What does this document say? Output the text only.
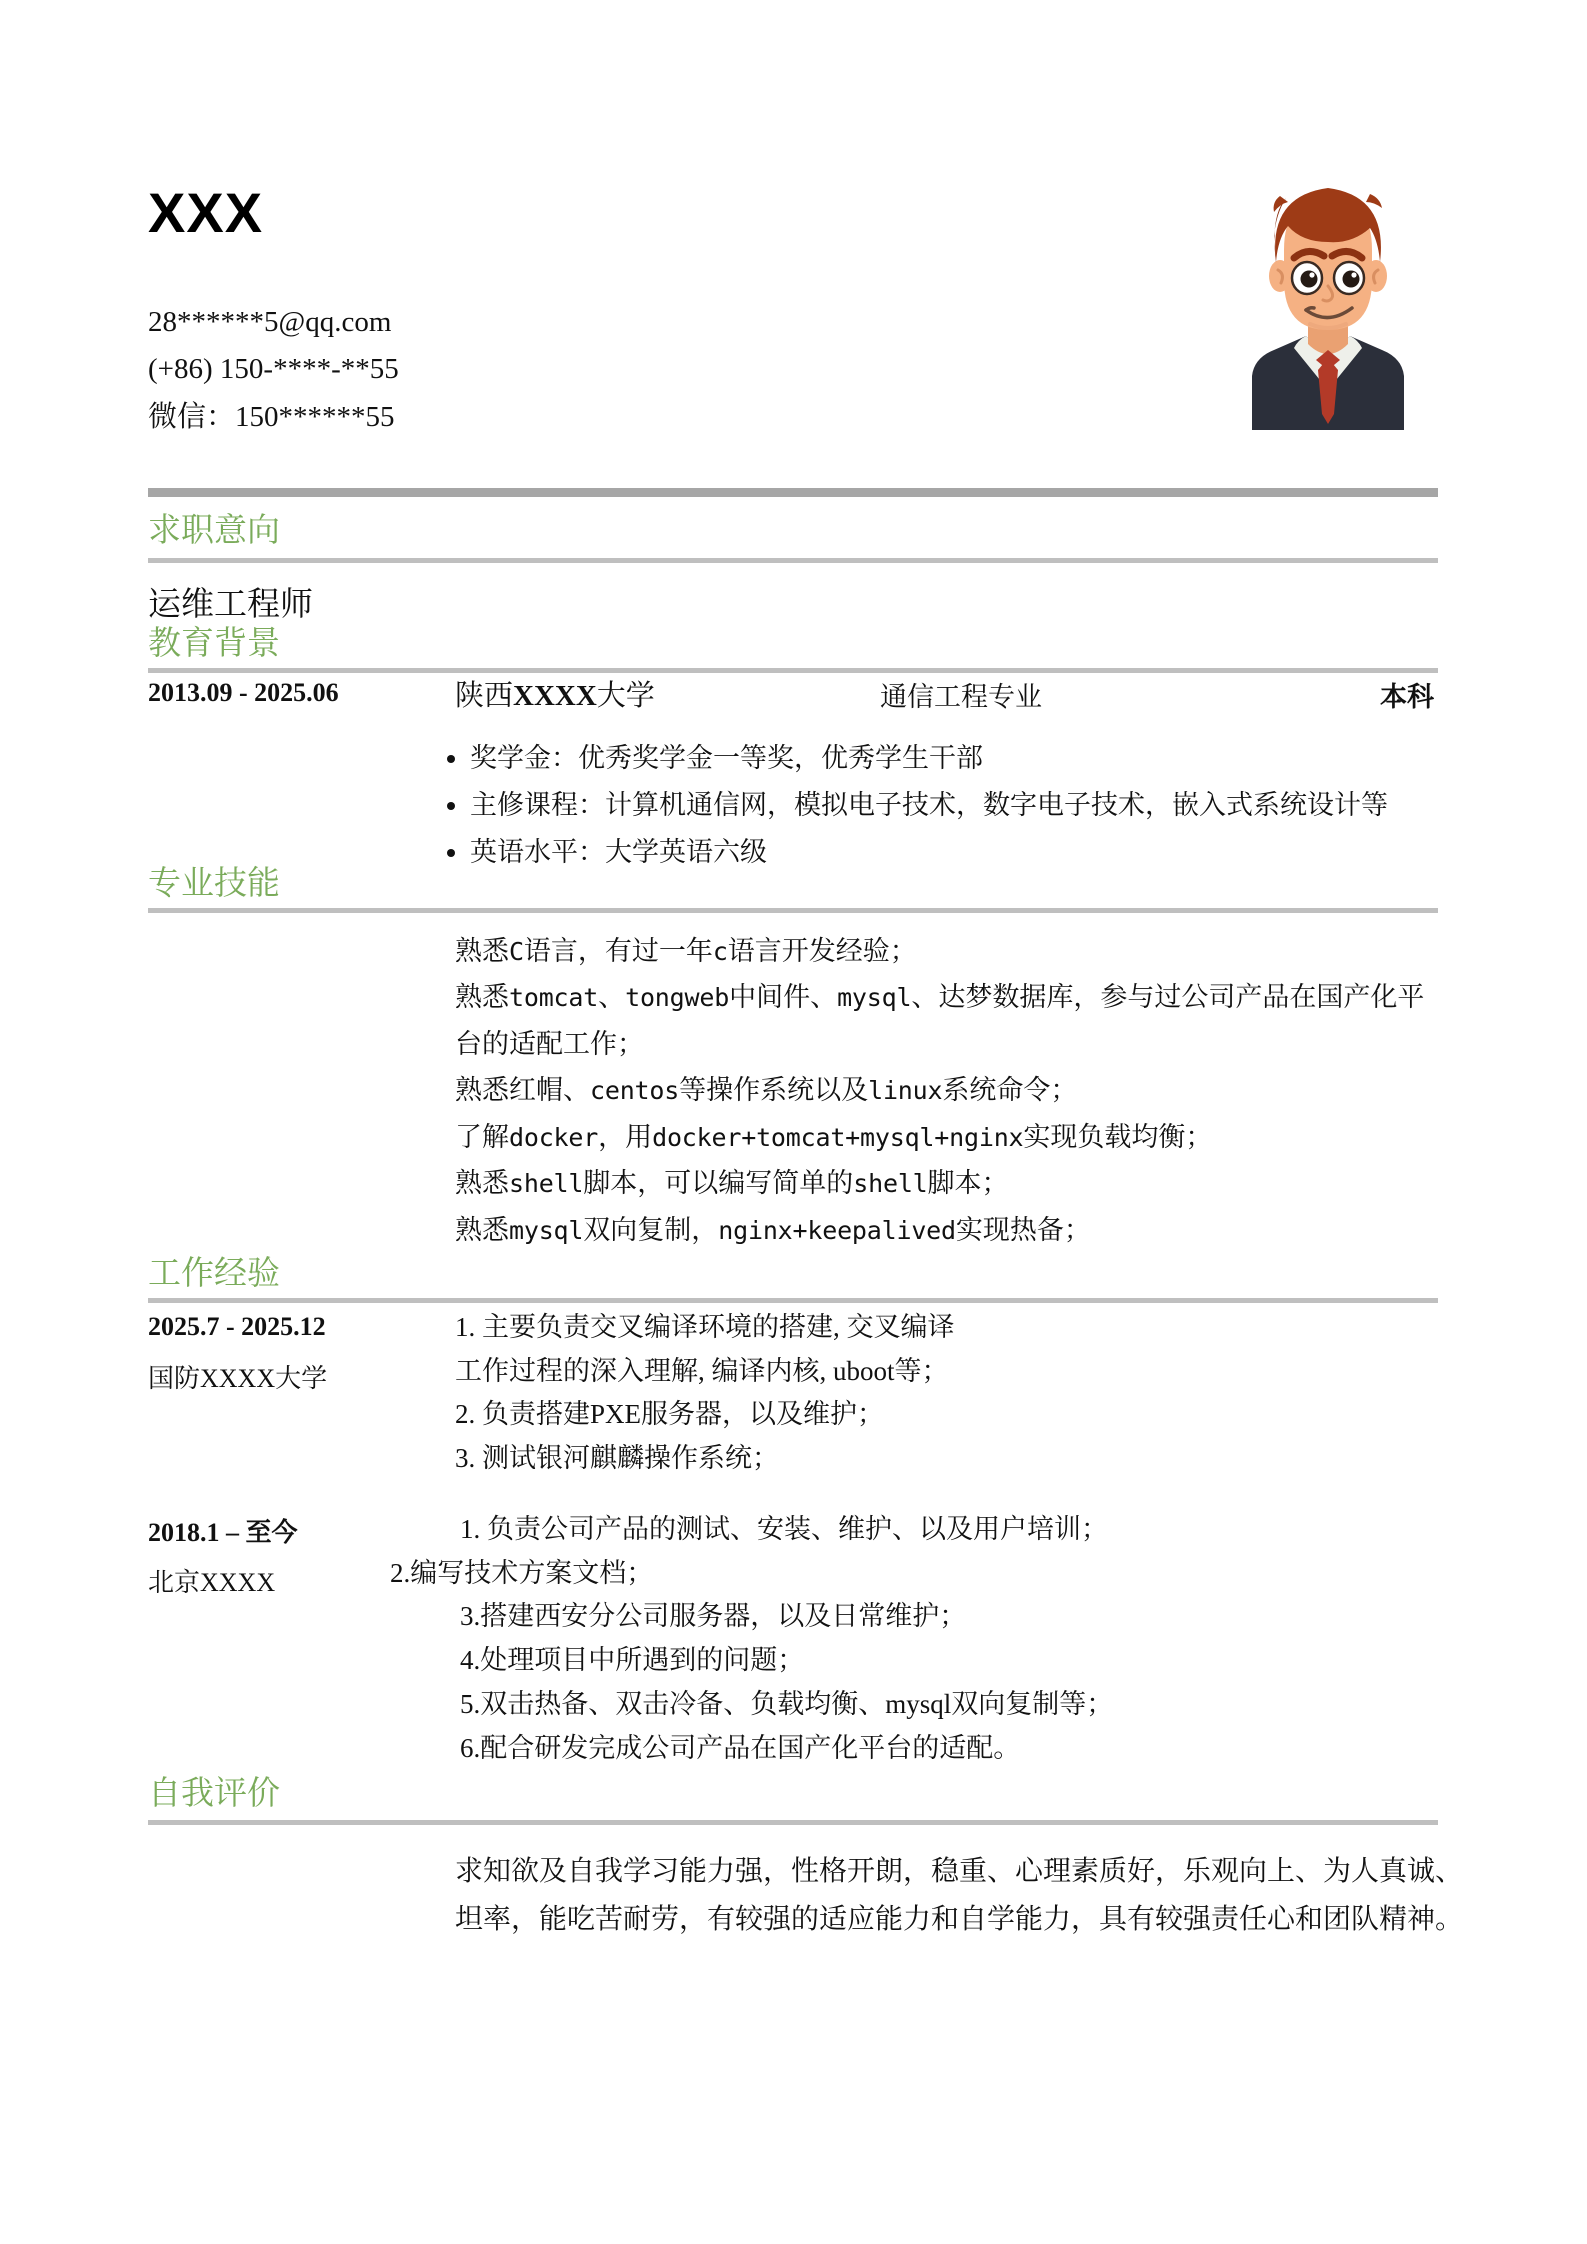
XXX
28******5@qq.com
(+86) 150-****-**55
微信：150******55
求职意向
运维工程师
教育背景
2013.09 - 2025.06	陕西XXXX大学	通信工程专业	本科
• 奖学金：优秀奖学金一等奖，优秀学生干部
• 主修课程：计算机通信网，模拟电子技术，数字电子技术，嵌入式系统设计等
• 英语水平：大学英语六级
专业技能
熟悉C语言，有过一年c语言开发经验；
熟悉tomcat、tongweb中间件、mysql、达梦数据库，参与过公司产品在国产化平台的适配工作；
熟悉红帽、centos等操作系统以及linux系统命令；
了解docker，用docker+tomcat+mysql+nginx实现负载均衡；
熟悉shell脚本，可以编写简单的shell脚本；
熟悉mysql双向复制，nginx+keepalived实现热备；
工作经验
2025.7 - 2025.12
国防XXXX大学
1. 主要负责交叉编译环境的搭建, 交叉编译
工作过程的深入理解, 编译内核, uboot等；
2. 负责搭建PXE服务器，以及维护；
3. 测试银河麒麟操作系统；
2018.1 – 至今
北京XXXX
1. 负责公司产品的测试、安装、维护、以及用户培训；
2.编写技术方案文档；
3.搭建西安分公司服务器，以及日常维护；
4.处理项目中所遇到的问题；
5.双击热备、双击冷备、负载均衡、mysql双向复制等；
6.配合研发完成公司产品在国产化平台的适配。
自我评价
求知欲及自我学习能力强，性格开朗，稳重、心理素质好，乐观向上、为人真诚、
坦率，能吃苦耐劳，有较强的适应能力和自学能力，具有较强责任心和团队精神。
